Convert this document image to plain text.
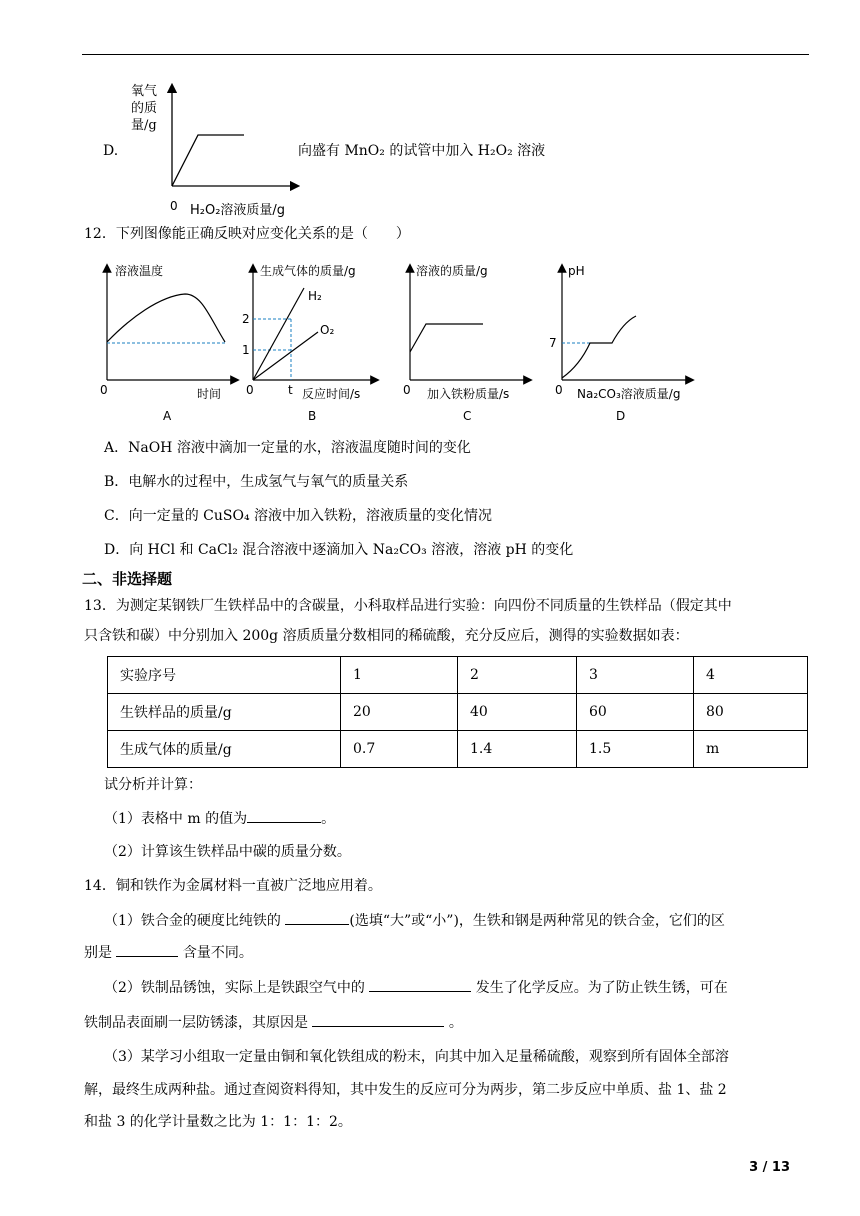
D.
氧气
的质
量/g
0 H₂O₂溶液质量/g
向盛有 MnO₂ 的试管中加入 H₂O₂ 溶液
12．下列图像能正确反映对应变化关系的是（　　）
溶液温度
0	时间
A
生成气体的质量/g
2
1
H₂
O₂
0	t 反应时间/s
B
溶液的质量/g
0 加入铁粉质量/s
C
pH
7
0 Na₂CO₃溶液质量/g
D
A．NaOH 溶液中滴加一定量的水，溶液温度随时间的变化
B．电解水的过程中，生成氢气与氧气的质量关系
C．向一定量的 CuSO₄ 溶液中加入铁粉，溶液质量的变化情况
D．向 HCl 和 CaCl₂ 混合溶液中逐滴加入 Na₂CO₃ 溶液，溶液 pH 的变化
二、非选择题
13．为测定某钢铁厂生铁样品中的含碳量，小科取样品进行实验：向四份不同质量的生铁样品（假定其中
只含铁和碳）中分别加入 200g 溶质质量分数相同的稀硫酸，充分反应后，测得的实验数据如表：
实验序号	1	2	3	4
生铁样品的质量/g	20	40	60	80
生成气体的质量/g	0.7	1.4	1.5	m
试分析并计算：
（1）表格中 m 的值为	。
（2）计算该生铁样品中碳的质量分数。
14．铜和铁作为金属材料一直被广泛地应用着。
（1）铁合金的硬度比纯铁的	(选填“大”或“小”)，生铁和钢是两种常见的铁合金，它们的区
别是	含量不同。
（2）铁制品锈蚀，实际上是铁跟空气中的	发生了化学反应。为了防止铁生锈，可在
铁制品表面刷一层防锈漆，其原因是	。
（3）某学习小组取一定量由铜和氧化铁组成的粉末，向其中加入足量稀硫酸，观察到所有固体全部溶
解，最终生成两种盐。通过查阅资料得知，其中发生的反应可分为两步，第二步反应中单质、盐 1、盐 2
和盐 3 的化学计量数之比为 1：1：1：2。
3 / 13
